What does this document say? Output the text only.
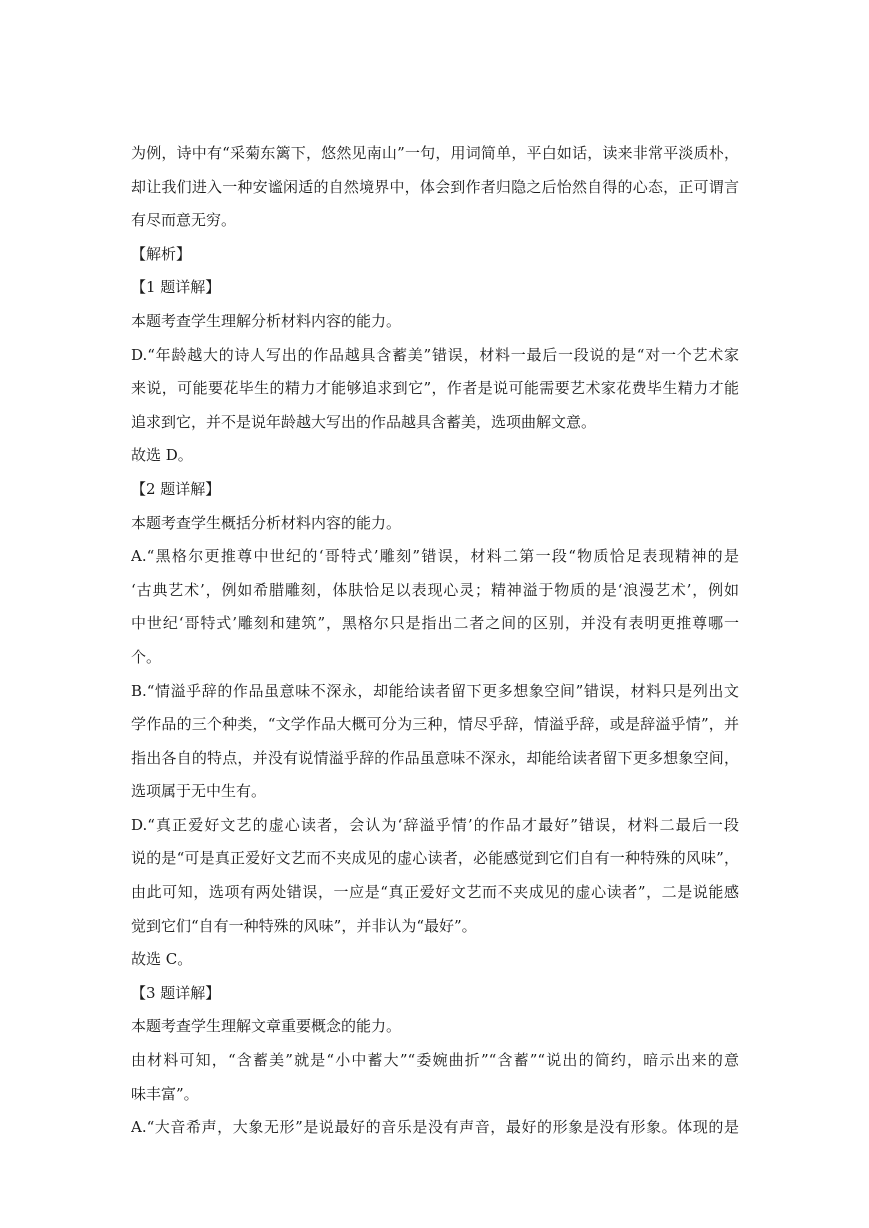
为例，诗中有“采菊东篱下，悠然见南山”一句，用词简单，平白如话，读来非常平淡质朴，
却让我们进入一种安谧闲适的自然境界中，体会到作者归隐之后怡然自得的心态，正可谓言
有尽而意无穷。
【解析】
【1 题详解】
本题考查学生理解分析材料内容的能力。
D.“年龄越大的诗人写出的作品越具含蓄美”错误，材料一最后一段说的是“对一个艺术家
来说，可能要花毕生的精力才能够追求到它”，作者是说可能需要艺术家花费毕生精力才能
追求到它，并不是说年龄越大写出的作品越具含蓄美，选项曲解文意。
故选 D。
【2 题详解】
本题考查学生概括分析材料内容的能力。
A.“黑格尔更推尊中世纪的‘哥特式’雕刻”错误，材料二第一段“物质恰足表现精神的是
‘古典艺术’，例如希腊雕刻，体肤恰足以表现心灵；精神溢于物质的是‘浪漫艺术’，例如
中世纪‘哥特式’雕刻和建筑”，黑格尔只是指出二者之间的区别，并没有表明更推尊哪一
个。
B.“情溢乎辞的作品虽意味不深永，却能给读者留下更多想象空间”错误，材料只是列出文
学作品的三个种类，“文学作品大概可分为三种，情尽乎辞，情溢乎辞，或是辞溢乎情”，并
指出各自的特点，并没有说情溢乎辞的作品虽意味不深永，却能给读者留下更多想象空间，
选项属于无中生有。
D.“真正爱好文艺的虚心读者，会认为‘辞溢乎情’的作品才最好”错误，材料二最后一段
说的是“可是真正爱好文艺而不夹成见的虚心读者，必能感觉到它们自有一种特殊的风味”，
由此可知，选项有两处错误，一应是“真正爱好文艺而不夹成见的虚心读者”，二是说能感
觉到它们“自有一种特殊的风味”，并非认为“最好”。
故选 C。
【3 题详解】
本题考查学生理解文章重要概念的能力。
由材料可知，“含蓄美”就是“小中蓄大”“委婉曲折”“含蓄”“说出的简约，暗示出来的意
味丰富”。
A.“大音希声，大象无形”是说最好的音乐是没有声音，最好的形象是没有形象。体现的是
